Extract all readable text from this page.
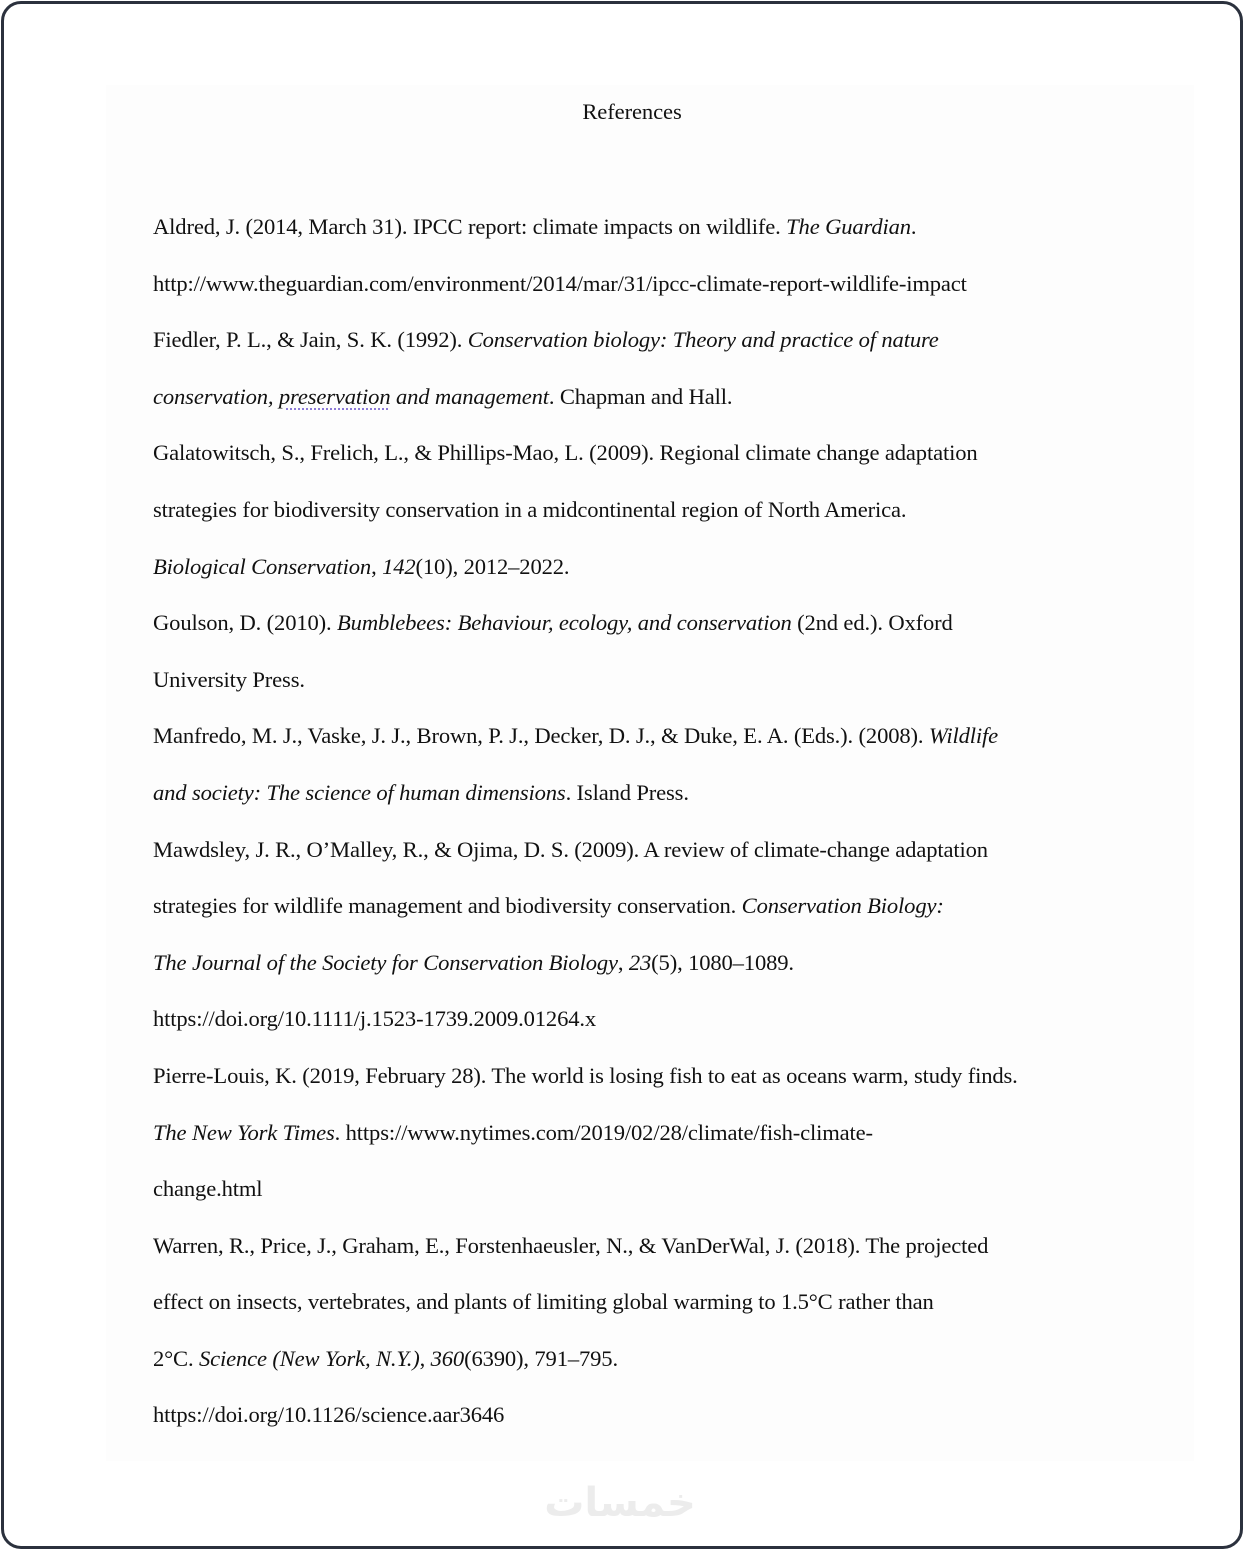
References
Aldred, J. (2014, March 31). IPCC report: climate impacts on wildlife. The Guardian.
http://www.theguardian.com/environment/2014/mar/31/ipcc-climate-report-wildlife-impact
Fiedler, P. L., & Jain, S. K. (1992). Conservation biology: Theory and practice of nature
conservation, preservation and management. Chapman and Hall.
Galatowitsch, S., Frelich, L., & Phillips-Mao, L. (2009). Regional climate change adaptation
strategies for biodiversity conservation in a midcontinental region of North America.
Biological Conservation, 142(10), 2012–2022.
Goulson, D. (2010). Bumblebees: Behaviour, ecology, and conservation (2nd ed.). Oxford
University Press.
Manfredo, M. J., Vaske, J. J., Brown, P. J., Decker, D. J., & Duke, E. A. (Eds.). (2008). Wildlife
and society: The science of human dimensions. Island Press.
Mawdsley, J. R., O’Malley, R., & Ojima, D. S. (2009). A review of climate-change adaptation
strategies for wildlife management and biodiversity conservation. Conservation Biology:
The Journal of the Society for Conservation Biology, 23(5), 1080–1089.
https://doi.org/10.1111/j.1523-1739.2009.01264.x
Pierre-Louis, K. (2019, February 28). The world is losing fish to eat as oceans warm, study finds.
The New York Times. https://www.nytimes.com/2019/02/28/climate/fish-climate-
change.html
Warren, R., Price, J., Graham, E., Forstenhaeusler, N., & VanDerWal, J. (2018). The projected
effect on insects, vertebrates, and plants of limiting global warming to 1.5°C rather than
2°C. Science (New York, N.Y.), 360(6390), 791–795.
https://doi.org/10.1126/science.aar3646
خمسات
